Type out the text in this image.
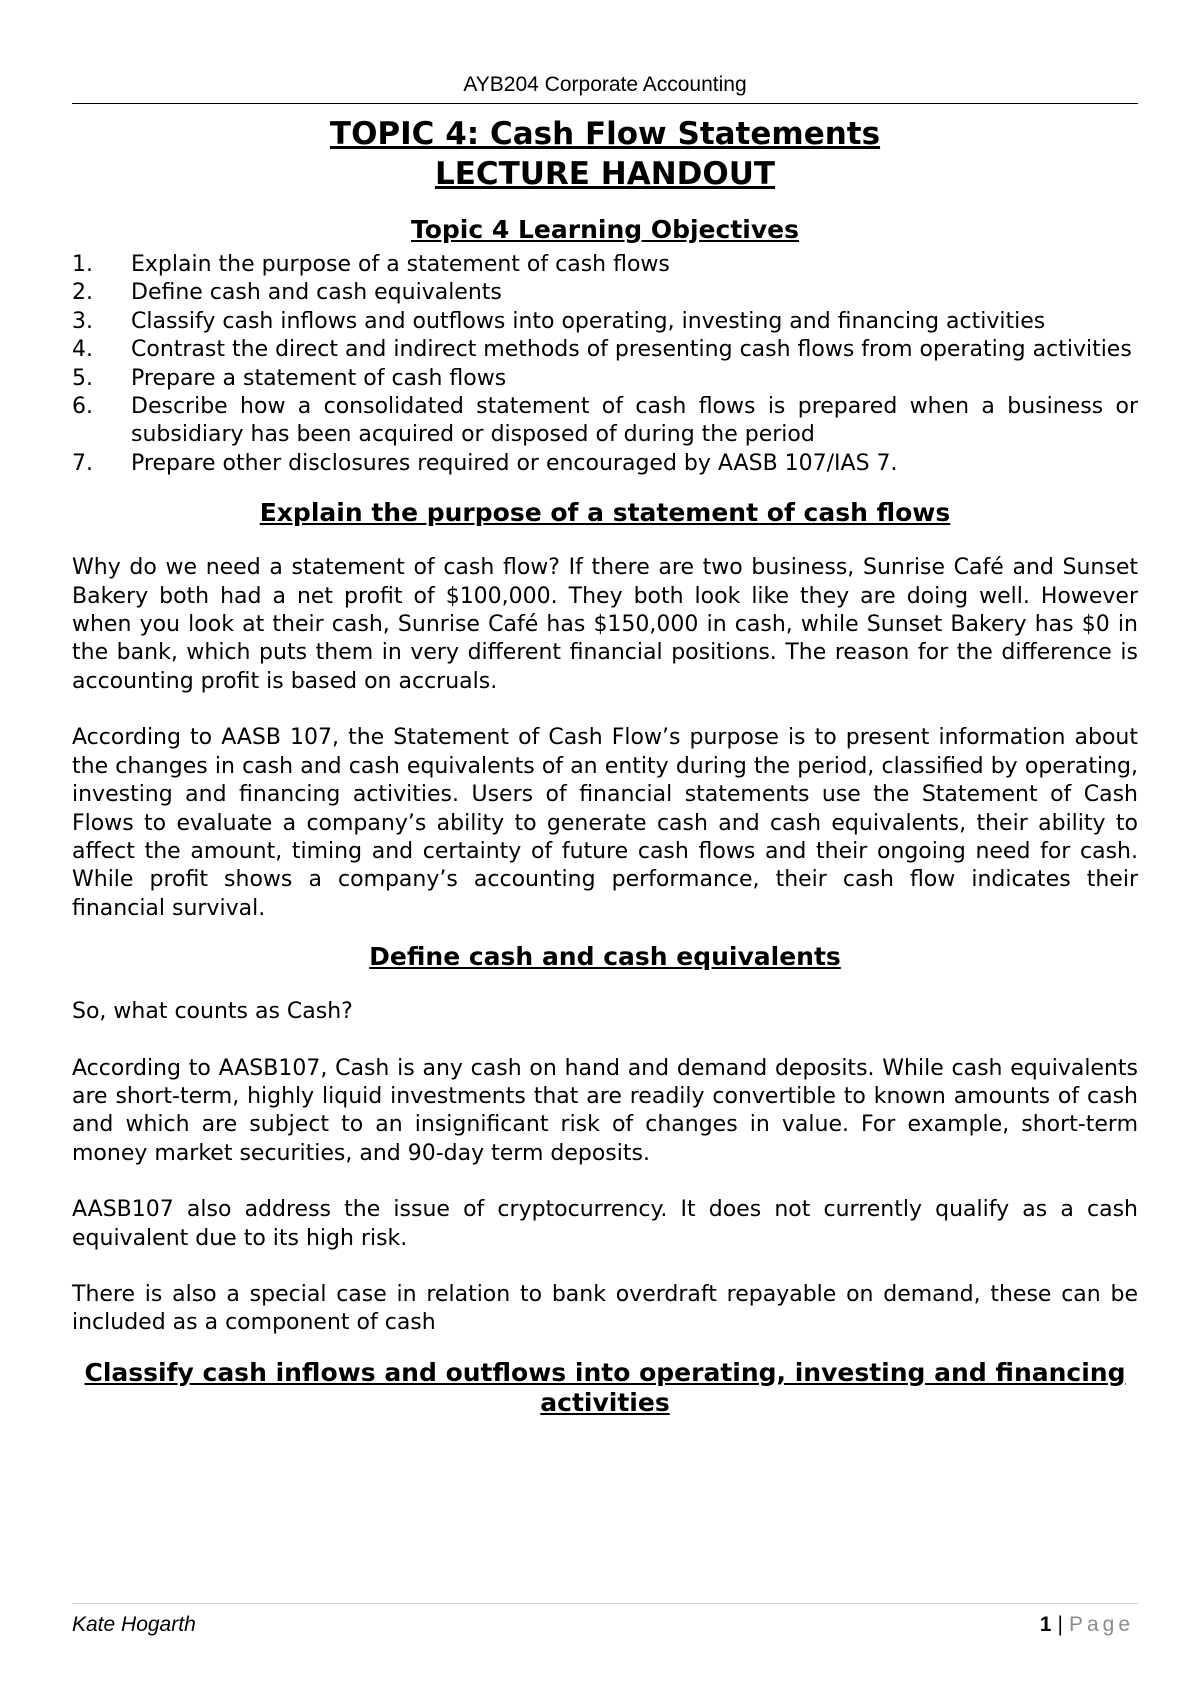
AYB204 Corporate Accounting
TOPIC 4: Cash Flow Statements
LECTURE HANDOUT
Topic 4 Learning Objectives
1. Explain the purpose of a statement of cash flows
2. Define cash and cash equivalents
3. Classify cash inflows and outflows into operating, investing and financing activities
4. Contrast the direct and indirect methods of presenting cash flows from operating activities
5. Prepare a statement of cash flows
6. Describe how a consolidated statement of cash flows is prepared when a business or subsidiary has been acquired or disposed of during the period
7. Prepare other disclosures required or encouraged by AASB 107/IAS 7.
Explain the purpose of a statement of cash flows

Why do we need a statement of cash flow? If there are two business, Sunrise Café and Sunset Bakery both had a net profit of $100,000. They both look like they are doing well. However when you look at their cash, Sunrise Café has $150,000 in cash, while Sunset Bakery has $0 in the bank, which puts them in very different financial positions. The reason for the difference is accounting profit is based on accruals.

According to AASB 107, the Statement of Cash Flow’s purpose is to present information about the changes in cash and cash equivalents of an entity during the period, classified by operating, investing and financing activities. Users of financial statements use the Statement of Cash Flows to evaluate a company’s ability to generate cash and cash equivalents, their ability to affect the amount, timing and certainty of future cash flows and their ongoing need for cash. While profit shows a company’s accounting performance, their cash flow indicates their financial survival.

Define cash and cash equivalents

So, what counts as Cash?

According to AASB107, Cash is any cash on hand and demand deposits. While cash equivalents are short-term, highly liquid investments that are readily convertible to known amounts of cash and which are subject to an insignificant risk of changes in value. For example, short-term money market securities, and 90-day term deposits.

AASB107 also address the issue of cryptocurrency. It does not currently qualify as a cash equivalent due to its high risk.

There is also a special case in relation to bank overdraft repayable on demand, these can be included as a component of cash

Classify cash inflows and outflows into operating, investing and financing activities
Kate Hogarth	1 | Page
